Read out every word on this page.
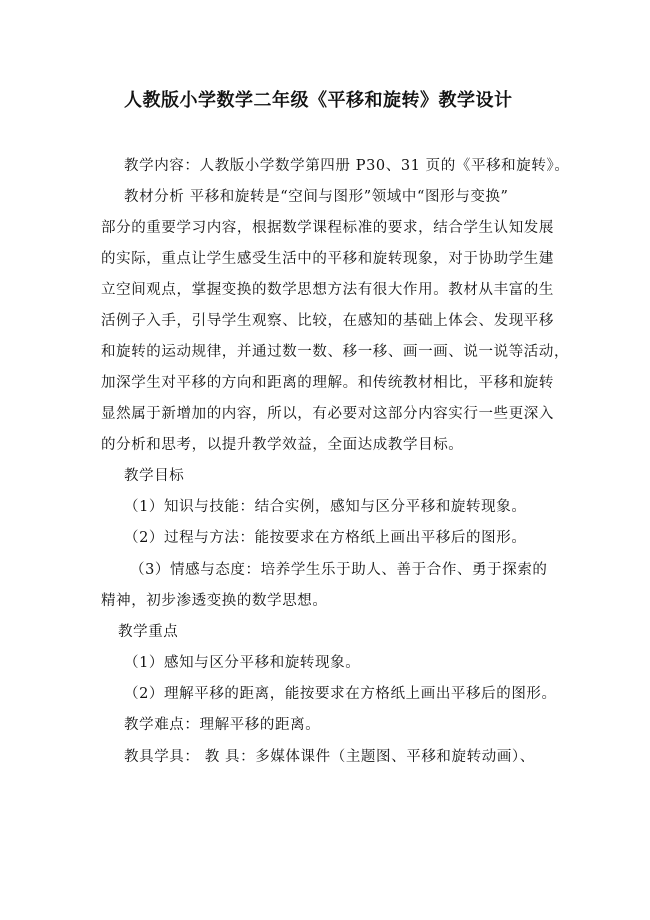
人教版小学数学二年级《平移和旋转》教学设计
教学内容：人教版小学数学第四册 P30、31 页的《平移和旋转》。
教材分析 平移和旋转是“空间与图形”领域中“图形与变换”
部分的重要学习内容，根据数学课程标准的要求，结合学生认知发展
的实际，重点让学生感受生活中的平移和旋转现象，对于协助学生建
立空间观点，掌握变换的数学思想方法有很大作用。教材从丰富的生
活例子入手，引导学生观察、比较，在感知的基础上体会、发现平移
和旋转的运动规律，并通过数一数、移一移、画一画、说一说等活动，
加深学生对平移的方向和距离的理解。和传统教材相比，平移和旋转
显然属于新增加的内容，所以，有必要对这部分内容实行一些更深入
的分析和思考，以提升教学效益，全面达成教学目标。
教学目标
（1）知识与技能：结合实例，感知与区分平移和旋转现象。
（2）过程与方法：能按要求在方格纸上画出平移后的图形。
（3）情感与态度：培养学生乐于助人、善于合作、勇于探索的
精神，初步渗透变换的数学思想。
教学重点
（1）感知与区分平移和旋转现象。
（2）理解平移的距离，能按要求在方格纸上画出平移后的图形。
教学难点：理解平移的距离。
教具学具： 教 具：多媒体课件（主题图、平移和旋转动画）、
